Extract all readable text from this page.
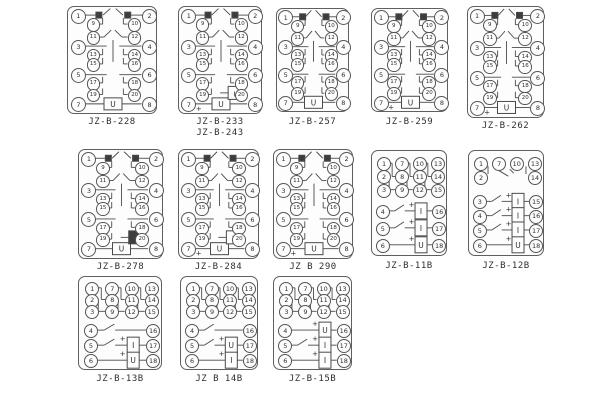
U
1	2
9	10
11	12
3	4
13	14
15	16
5	6
17	18
19	20
7	8
JZ-B-228
U
+
1	2
9	10
11	12
3	4
13	14
15	16
5	6
17	18
19	20
7	8
JZ-B-233
JZ-B-243
U
1	2
9	10
11	12
3	4
13	14
15	16
5	6
17	18
19	20
7	8
JZ-B-257
U
+
1	2
9	10
11	12
3	4
13	14
15	16
5	6
17	18
19	20
7	8
JZ-B-259
U
+
1	2
9	10
11	12
3	4
13	14
15	16
5	6
17	18
19	20
7	8
JZ-B-262
U
1	2
9	10
11	12
3	4
13	14
15	16
5	6
17	18
19	20
7	8
JZ-B-278
U
+
1	2
9	10
11	12
3	4
13	14
15	16
5	6
17	18
19	20
7	8
JZ-B-284
U
+
1	2
9	10
11	12
3	4
13	14
15	16
5	6
17	18
19	20
7	8
JZ B 290
+
I
+
I
+
U
1
2
3
7
8
9
10
11
12
13
14
15
4	16
5	17
6	18
JZ-B-11B
+
I
+
I
+
I
+
U
1
2
7	10	13
14
3	15
4	16
5	17
6	18
JZ-B-12B
+
I
+
U
1
2
3
7
8
9
10
11
12
13
14
15
4	16
5	17
6	18
JZ-B-13B
+
U
+
I
1
2
3
7
8
9
10
11
12
13
14
15
4	16
5	17
6	18
JZ B 14B
+
U
+
I
+
I
1
2
3
7
8
9
10
11
12
13
14
15
4	16
5	17
6	18
JZ-B-15B
